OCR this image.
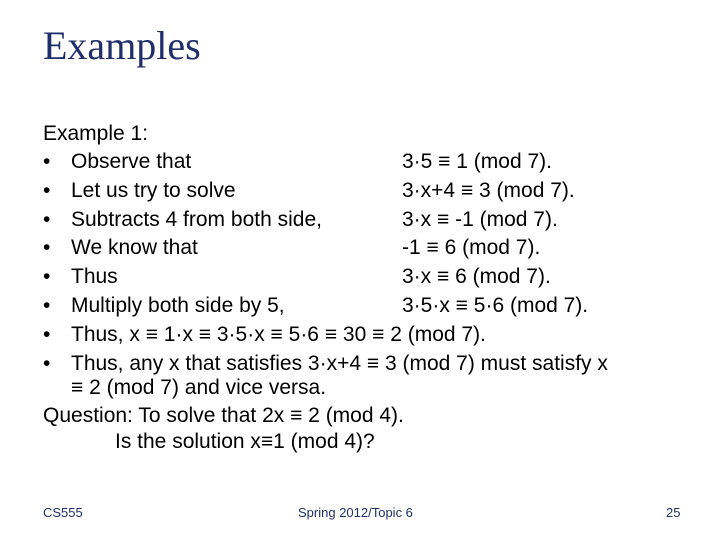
Examples
Example 1:
• Observe that	3·5 ≡ 1 (mod 7).
• Let us try to solve	3·x+4 ≡ 3 (mod 7).
• Subtracts 4 from both side,	3·x ≡ -1 (mod 7).
• We know that	-1 ≡ 6 (mod 7).
• Thus	3·x ≡ 6 (mod 7).
• Multiply both side by 5,	3·5·x ≡ 5·6 (mod 7).
• Thus, x ≡ 1·x ≡ 3·5·x ≡ 5·6 ≡ 30 ≡ 2 (mod 7).
• Thus, any x that satisfies 3·x+4 ≡ 3 (mod 7) must satisfy x
≡ 2 (mod 7) and vice versa.
Question: To solve that 2x ≡ 2 (mod 4).
Is the solution x≡1 (mod 4)?
CS555	Spring 2012/Topic 6	25
